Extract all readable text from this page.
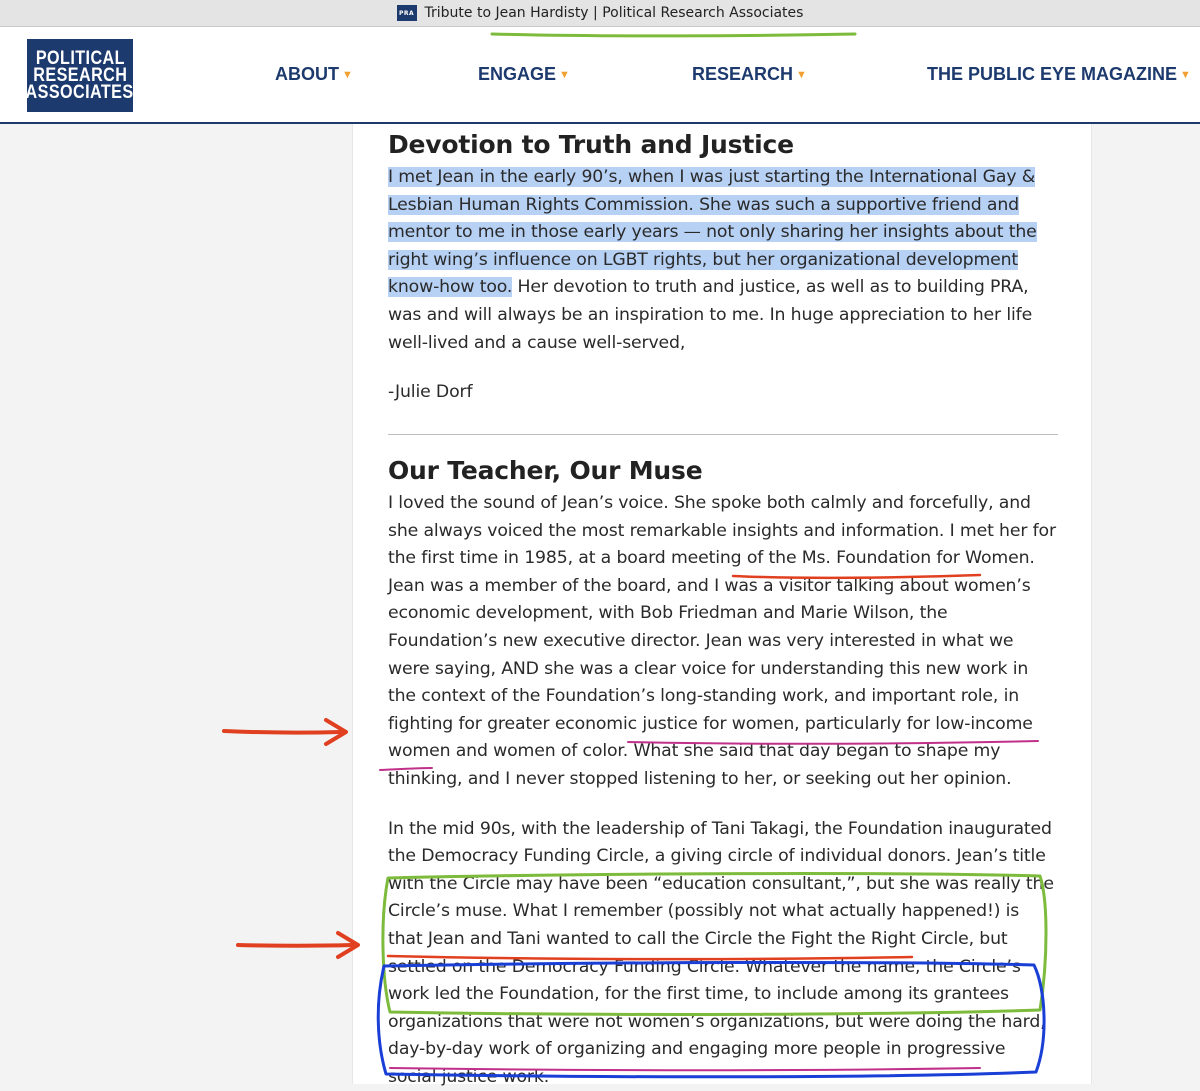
PRA Tribute to Jean Hardisty | Political Research Associates
POLITICAL
RESEARCH
ASSOCIATES
ABOUT ▼	ENGAGE ▼	RESEARCH ▼	THE PUBLIC EYE MAGAZINE ▼
Devotion to Truth and Justice

I met Jean in the early 90’s, when I was just starting the International Gay & Lesbian Human Rights Commission. She was such a supportive friend and mentor to me in those early years — not only sharing her insights about the right wing’s influence on LGBT rights, but her organizational development know-how too. Her devotion to truth and justice, as well as to building PRA, was and will always be an inspiration to me. In huge appreciation to her life well-lived and a cause well-served,

-Julie Dorf

Our Teacher, Our Muse

I loved the sound of Jean’s voice. She spoke both calmly and forcefully, and she always voiced the most remarkable insights and information. I met her for the first time in 1985, at a board meeting of the Ms. Foundation for Women. Jean was a member of the board, and I was a visitor talking about women’s economic development, with Bob Friedman and Marie Wilson, the Foundation’s new executive director. Jean was very interested in what we were saying, AND she was a clear voice for understanding this new work in the context of the Foundation’s long-standing work, and important role, in fighting for greater economic justice for women, particularly for low-income women and women of color. What she said that day began to shape my thinking, and I never stopped listening to her, or seeking out her opinion.

In the mid 90s, with the leadership of Tani Takagi, the Foundation inaugurated the Democracy Funding Circle, a giving circle of individual donors. Jean’s title with the Circle may have been “education consultant,”, but she was really the Circle’s muse. What I remember (possibly not what actually happened!) is that Jean and Tani wanted to call the Circle the Fight the Right Circle, but settled on the Democracy Funding Circle. Whatever the name, the Circle’s work led the Foundation, for the first time, to include among its grantees organizations that were not women’s organizations, but were doing the hard, day-by-day work of organizing and engaging more people in progressive social justice work.
